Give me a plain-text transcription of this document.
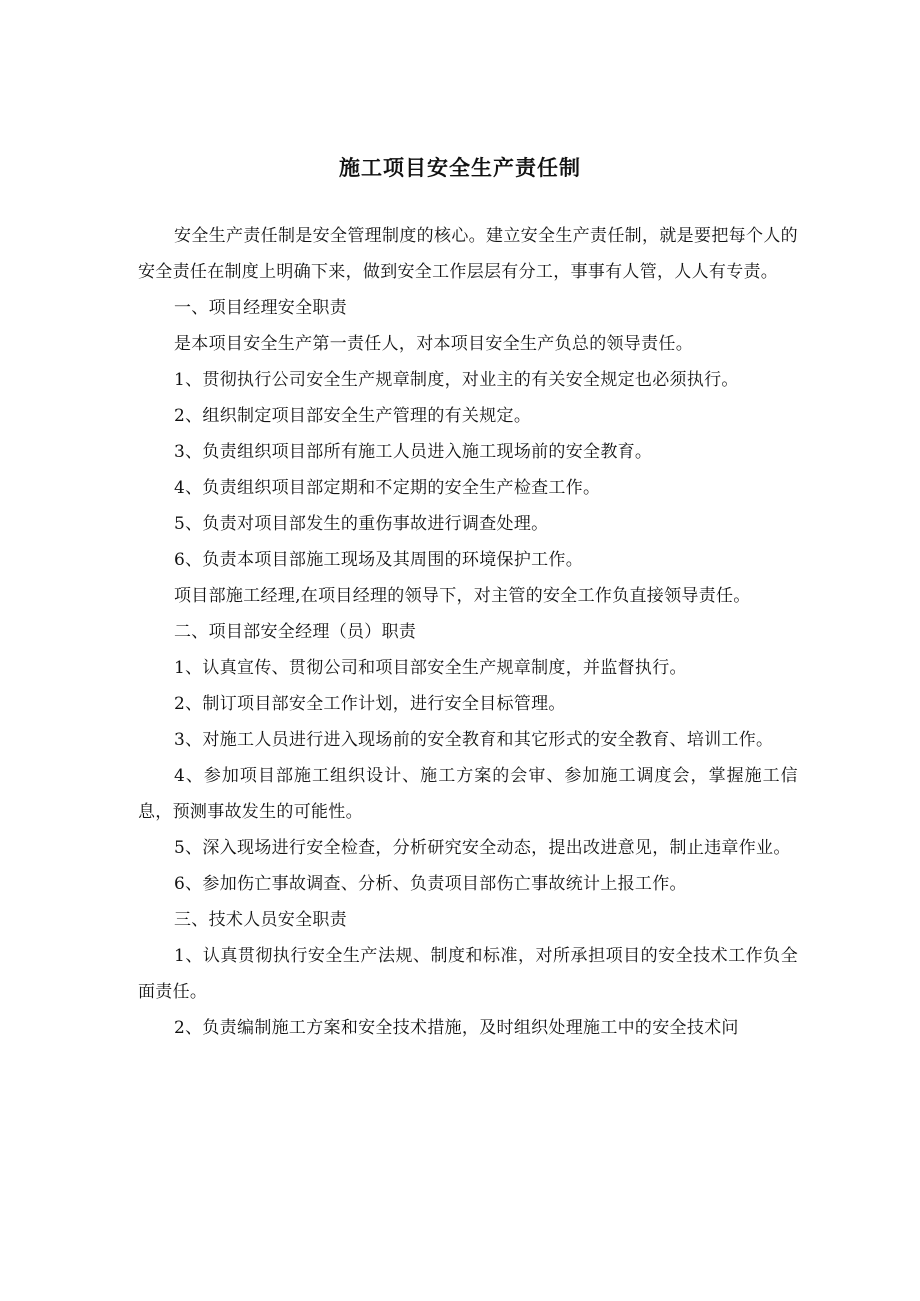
施工项目安全生产责任制

安全生产责任制是安全管理制度的核心。建立安全生产责任制，就是要把每个人的安全责任在制度上明确下来，做到安全工作层层有分工，事事有人管，人人有专责。

一、项目经理安全职责

是本项目安全生产第一责任人，对本项目安全生产负总的领导责任。

1、贯彻执行公司安全生产规章制度，对业主的有关安全规定也必须执行。

2、组织制定项目部安全生产管理的有关规定。

3、负责组织项目部所有施工人员进入施工现场前的安全教育。

4、负责组织项目部定期和不定期的安全生产检查工作。

5、负责对项目部发生的重伤事故进行调查处理。

6、负责本项目部施工现场及其周围的环境保护工作。

项目部施工经理,在项目经理的领导下，对主管的安全工作负直接领导责任。

二、项目部安全经理（员）职责

1、认真宣传、贯彻公司和项目部安全生产规章制度，并监督执行。

2、制订项目部安全工作计划，进行安全目标管理。

3、对施工人员进行进入现场前的安全教育和其它形式的安全教育、培训工作。

4、参加项目部施工组织设计、施工方案的会审、参加施工调度会，掌握施工信息，预测事故发生的可能性。

5、深入现场进行安全检查，分析研究安全动态，提出改进意见，制止违章作业。

6、参加伤亡事故调查、分析、负责项目部伤亡事故统计上报工作。

三、技术人员安全职责

1、认真贯彻执行安全生产法规、制度和标准，对所承担项目的安全技术工作负全面责任。

2、负责编制施工方案和安全技术措施，及时组织处理施工中的安全技术问
